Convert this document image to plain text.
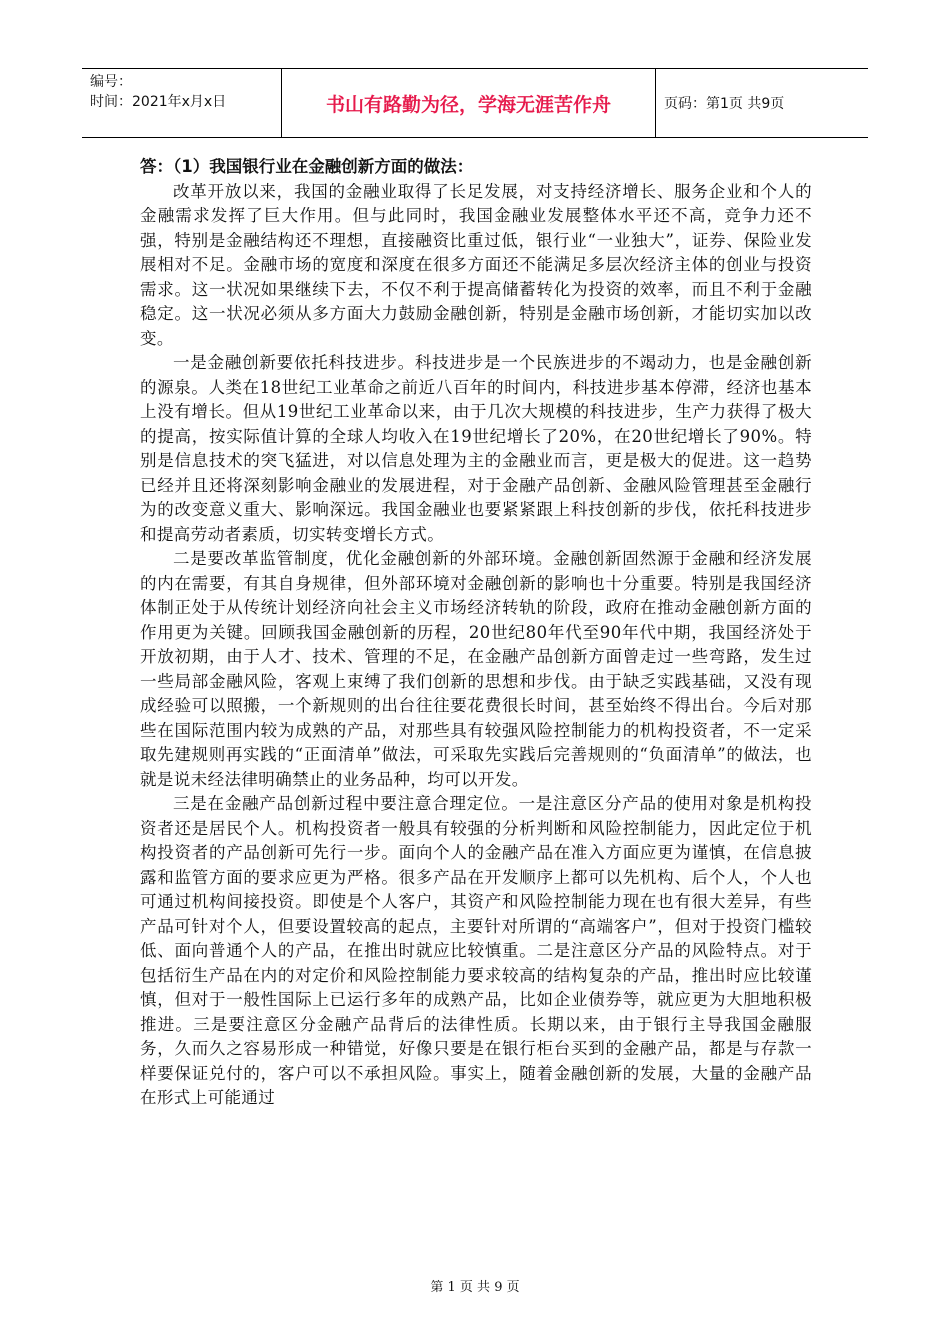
编号：
时间：2021年x月x日	书山有路勤为径，学海无涯苦作舟	页码：第1页 共9页

答：（1）我国银行业在金融创新方面的做法：

改革开放以来，我国的金融业取得了长足发展，对支持经济增长、服务企业和个人的金融需求发挥了巨大作用。但与此同时，我国金融业发展整体水平还不高，竞争力还不强，特别是金融结构还不理想，直接融资比重过低，银行业“一业独大”，证券、保险业发展相对不足。金融市场的宽度和深度在很多方面还不能满足多层次经济主体的创业与投资需求。这一状况如果继续下去，不仅不利于提高储蓄转化为投资的效率，而且不利于金融稳定。这一状况必须从多方面大力鼓励金融创新，特别是金融市场创新，才能切实加以改变。

一是金融创新要依托科技进步。科技进步是一个民族进步的不竭动力，也是金融创新的源泉。人类在18世纪工业革命之前近八百年的时间内，科技进步基本停滞，经济也基本上没有增长。但从19世纪工业革命以来，由于几次大规模的科技进步，生产力获得了极大的提高，按实际值计算的全球人均收入在19世纪增长了20%，在20世纪增长了90%。特别是信息技术的突飞猛进，对以信息处理为主的金融业而言，更是极大的促进。这一趋势已经并且还将深刻影响金融业的发展进程，对于金融产品创新、金融风险管理甚至金融行为的改变意义重大、影响深远。我国金融业也要紧紧跟上科技创新的步伐，依托科技进步和提高劳动者素质，切实转变增长方式。

二是要改革监管制度，优化金融创新的外部环境。金融创新固然源于金融和经济发展的内在需要，有其自身规律，但外部环境对金融创新的影响也十分重要。特别是我国经济体制正处于从传统计划经济向社会主义市场经济转轨的阶段，政府在推动金融创新方面的作用更为关键。回顾我国金融创新的历程，20世纪80年代至90年代中期，我国经济处于开放初期，由于人才、技术、管理的不足，在金融产品创新方面曾走过一些弯路，发生过一些局部金融风险，客观上束缚了我们创新的思想和步伐。由于缺乏实践基础，又没有现成经验可以照搬，一个新规则的出台往往要花费很长时间，甚至始终不得出台。今后对那些在国际范围内较为成熟的产品，对那些具有较强风险控制能力的机构投资者，不一定采取先建规则再实践的“正面清单”做法，可采取先实践后完善规则的“负面清单”的做法，也就是说未经法律明确禁止的业务品种，均可以开发。

三是在金融产品创新过程中要注意合理定位。一是注意区分产品的使用对象是机构投资者还是居民个人。机构投资者一般具有较强的分析判断和风险控制能力，因此定位于机构投资者的产品创新可先行一步。面向个人的金融产品在准入方面应更为谨慎，在信息披露和监管方面的要求应更为严格。很多产品在开发顺序上都可以先机构、后个人，个人也可通过机构间接投资。即使是个人客户，其资产和风险控制能力现在也有很大差异，有些产品可针对个人，但要设置较高的起点，主要针对所谓的“高端客户”，但对于投资门槛较低、面向普通个人的产品，在推出时就应比较慎重。二是注意区分产品的风险特点。对于包括衍生产品在内的对定价和风险控制能力要求较高的结构复杂的产品，推出时应比较谨慎，但对于一般性国际上已运行多年的成熟产品，比如企业债券等，就应更为大胆地积极推进。三是要注意区分金融产品背后的法律性质。长期以来，由于银行主导我国金融服务，久而久之容易形成一种错觉，好像只要是在银行柜台买到的金融产品，都是与存款一样要保证兑付的，客户可以不承担风险。事实上，随着金融创新的发展，大量的金融产品在形式上可能通过

第 1 页 共 9 页
